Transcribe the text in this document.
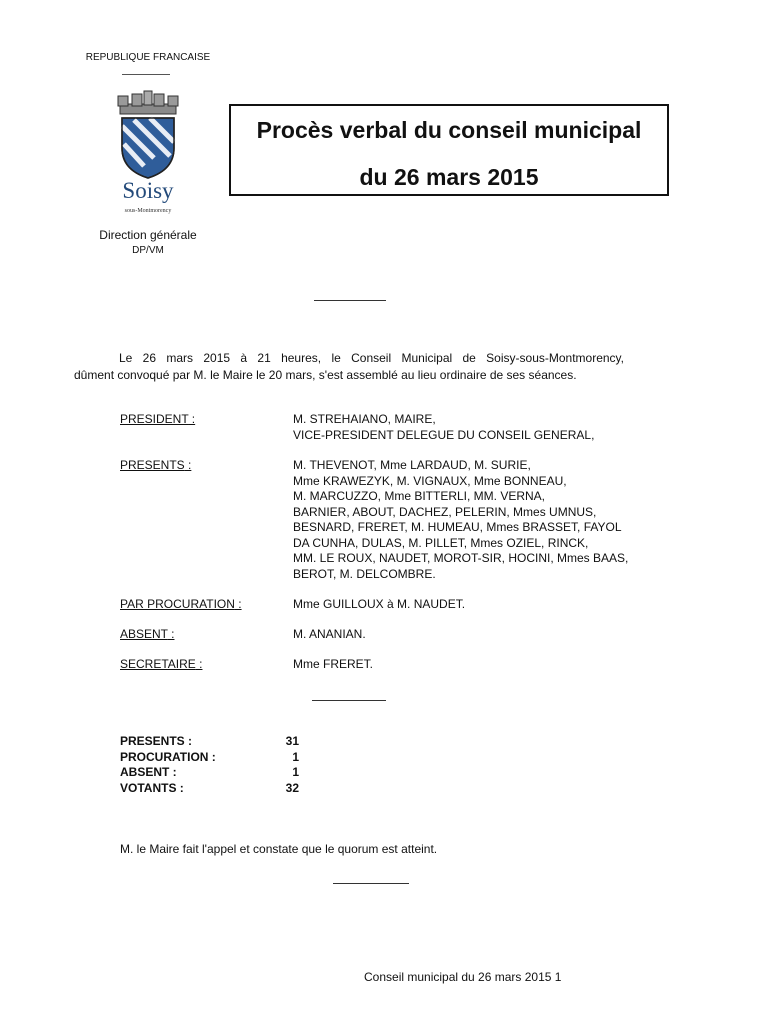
REPUBLIQUE FRANCAISE
Soisy
sous-Montmorency
Direction générale
DP/VM
Procès verbal du conseil municipal
du 26 mars 2015

Le 26 mars 2015 à 21 heures, le Conseil Municipal de Soisy-sous-Montmorency,

dûment convoqué par M. le Maire le 20 mars, s'est assemblé au lieu ordinaire de ses séances.

PRESIDENT :	M. STREHAIANO, MAIRE,
VICE-PRESIDENT DELEGUE DU CONSEIL GENERAL,
PRESENTS :	M. THEVENOT, Mme LARDAUD, M. SURIE,
Mme KRAWEZYK, M. VIGNAUX, Mme BONNEAU,
M. MARCUZZO, Mme BITTERLI, MM. VERNA,
BARNIER, ABOUT, DACHEZ, PELERIN, Mmes UMNUS,
BESNARD, FRERET, M. HUMEAU, Mmes BRASSET, FAYOL
DA CUNHA, DULAS, M. PILLET, Mmes OZIEL, RINCK,
MM. LE ROUX, NAUDET, MOROT-SIR, HOCINI, Mmes BAAS,
BEROT, M. DELCOMBRE.
PAR PROCURATION :	Mme GUILLOUX à M. NAUDET.
ABSENT :	M. ANANIAN.
SECRETAIRE :	Mme FRERET.
PRESENTS :	31
PROCURATION :	1
ABSENT :	1
VOTANTS :	32
M. le Maire fait l'appel et constate que le quorum est atteint.
Conseil municipal du 26 mars 2015 1
